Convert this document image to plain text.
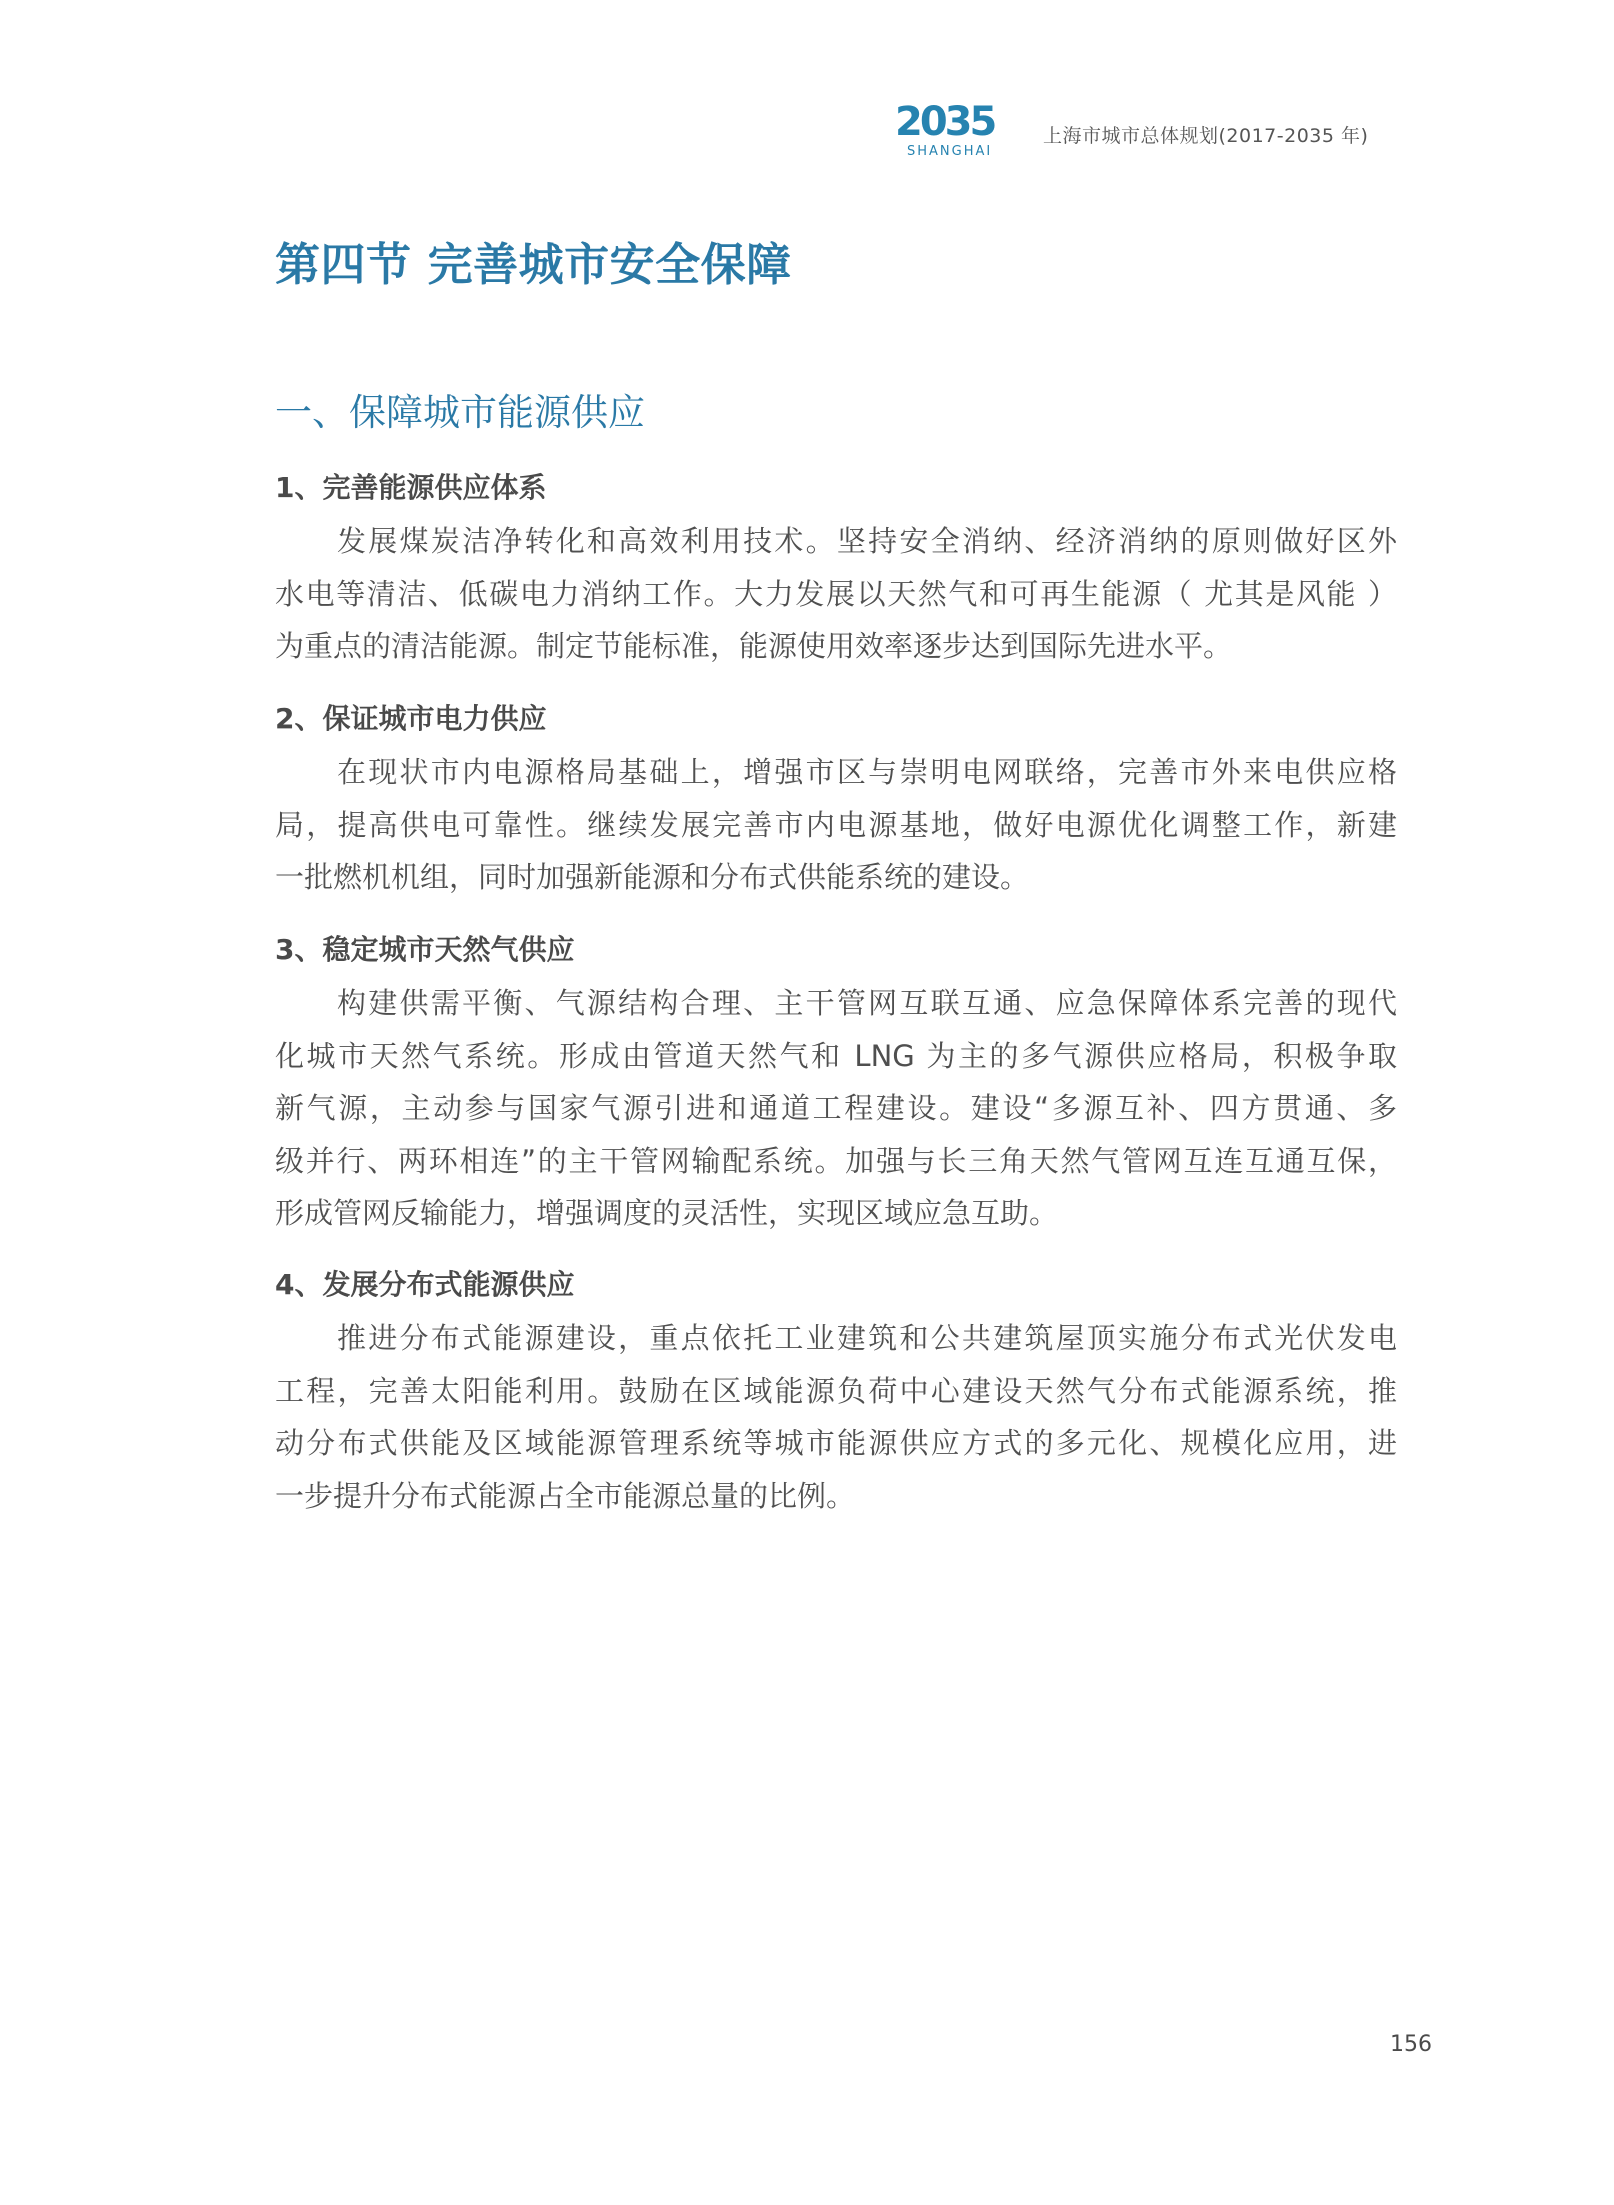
2035
SHANGHAI
上海市城市总体规划(2017-2035 年)
第四节 完善城市安全保障
一、保障城市能源供应
1、完善能源供应体系

发展煤炭洁净转化和高效利用技术。坚持安全消纳、经济消纳的原则做好区外
水电等清洁、低碳电力消纳工作。大力发展以天然气和可再生能源（ 尤其是风能 ）
为重点的清洁能源。制定节能标准，能源使用效率逐步达到国际先进水平。

2、保证城市电力供应

在现状市内电源格局基础上，增强市区与崇明电网联络，完善市外来电供应格
局，提高供电可靠性。继续发展完善市内电源基地，做好电源优化调整工作，新建
一批燃机机组，同时加强新能源和分布式供能系统的建设。

3、稳定城市天然气供应

构建供需平衡、气源结构合理、主干管网互联互通、应急保障体系完善的现代
化城市天然气系统。形成由管道天然气和 LNG 为主的多气源供应格局，积极争取
新气源，主动参与国家气源引进和通道工程建设。建设“多源互补、四方贯通、多
级并行、两环相连”的主干管网输配系统。加强与长三角天然气管网互连互通互保，
形成管网反输能力，增强调度的灵活性，实现区域应急互助。

4、发展分布式能源供应

推进分布式能源建设，重点依托工业建筑和公共建筑屋顶实施分布式光伏发电
工程，完善太阳能利用。鼓励在区域能源负荷中心建设天然气分布式能源系统，推
动分布式供能及区域能源管理系统等城市能源供应方式的多元化、规模化应用，进
一步提升分布式能源占全市能源总量的比例。

156
